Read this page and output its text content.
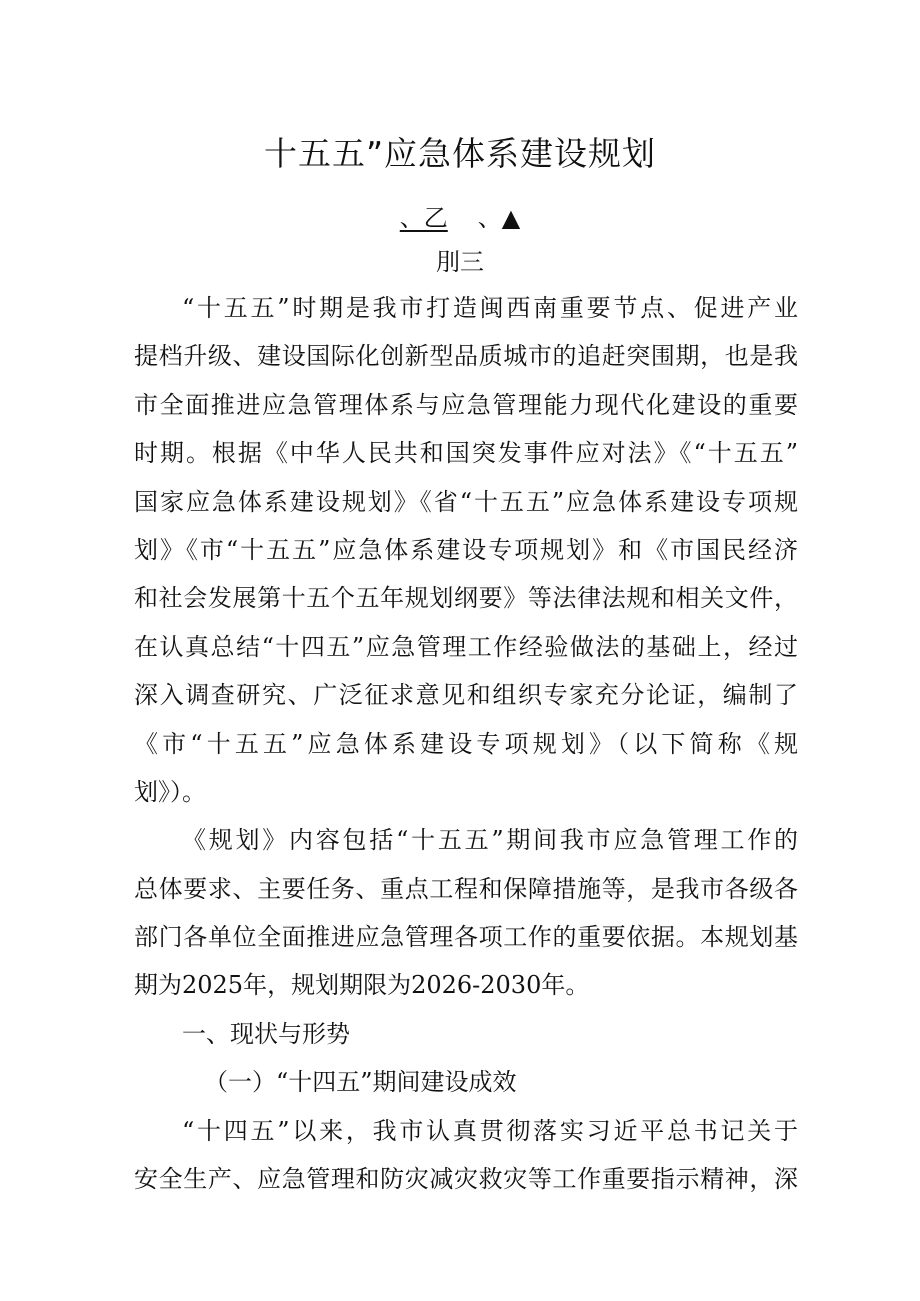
十五五”应急体系建设规划
、乙 、▲
刖三
“十五五”时期是我市打造闽西南重要节点、促进产业
提档升级、建设国际化创新型品质城市的追赶突围期，也是我
市全面推进应急管理体系与应急管理能力现代化建设的重要
时期。根据《中华人民共和国突发事件应对法》《“十五五”
国家应急体系建设规划》《省“十五五”应急体系建设专项规
划》《市“十五五”应急体系建设专项规划》和《市国民经济
和社会发展第十五个五年规划纲要》等法律法规和相关文件，
在认真总结“十四五”应急管理工作经验做法的基础上，经过
深入调查研究、广泛征求意见和组织专家充分论证，编制了
《市“十五五”应急体系建设专项规划》（以下简称《规
划》）。
《规划》内容包括“十五五”期间我市应急管理工作的
总体要求、主要任务、重点工程和保障措施等，是我市各级各
部门各单位全面推进应急管理各项工作的重要依据。本规划基
期为2025年，规划期限为2026-2030年。
一、现状与形势
（一）“十四五”期间建设成效
“十四五”以来，我市认真贯彻落实习近平总书记关于
安全生产、应急管理和防灾减灾救灾等工作重要指示精神，深
